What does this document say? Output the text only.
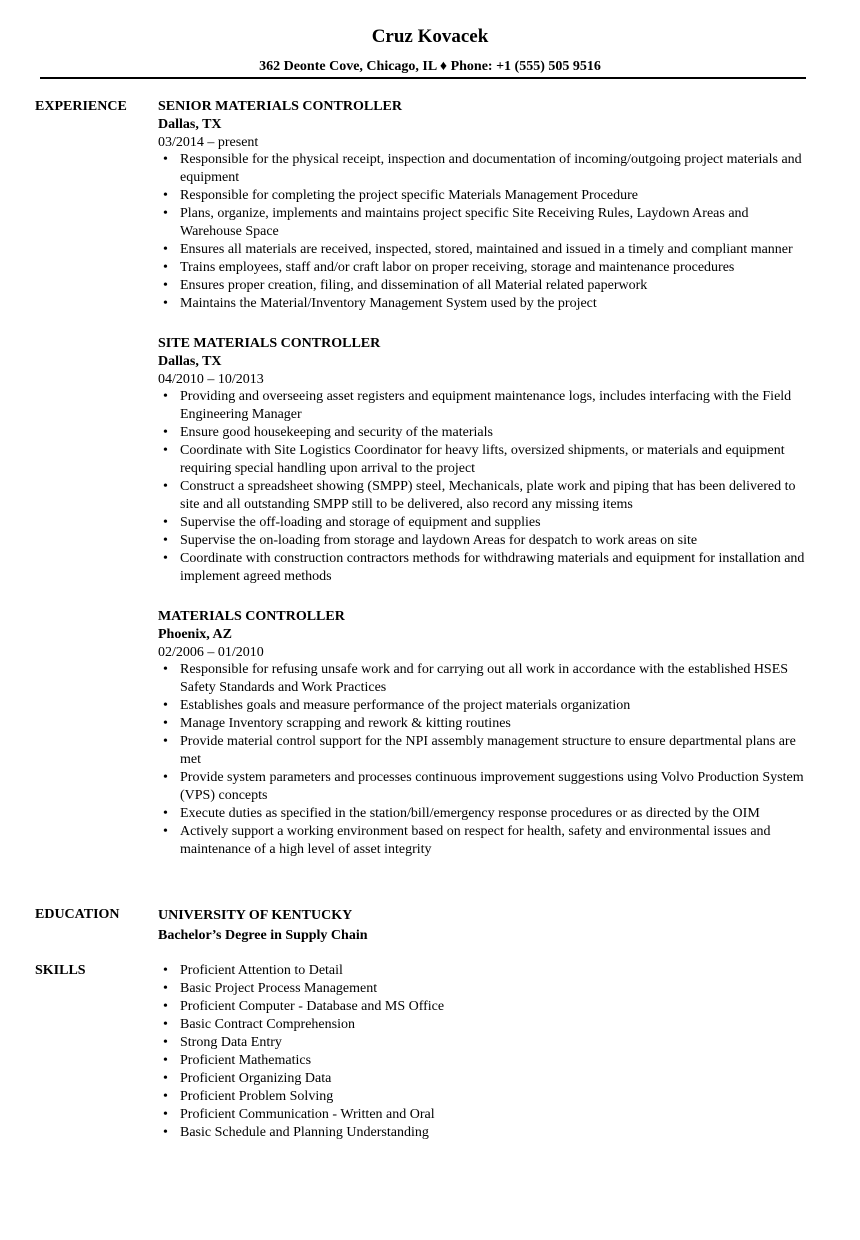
Cruz Kovacek
362 Deonte Cove, Chicago, IL ♦ Phone: +1 (555) 505 9516
EXPERIENCE SENIOR MATERIALS CONTROLLER
Dallas, TX
03/2014 – present
• Responsible for the physical receipt, inspection and documentation of incoming/outgoing project materials and equipment
• Responsible for completing the project specific Materials Management Procedure
• Plans, organize, implements and maintains project specific Site Receiving Rules, Laydown Areas and Warehouse Space
• Ensures all materials are received, inspected, stored, maintained and issued in a timely and compliant manner
• Trains employees, staff and/or craft labor on proper receiving, storage and maintenance procedures
• Ensures proper creation, filing, and dissemination of all Material related paperwork
• Maintains the Material/Inventory Management System used by the project
SITE MATERIALS CONTROLLER
Dallas, TX
04/2010 – 10/2013
• Providing and overseeing asset registers and equipment maintenance logs, includes interfacing with the Field Engineering Manager
• Ensure good housekeeping and security of the materials
• Coordinate with Site Logistics Coordinator for heavy lifts, oversized shipments, or materials and equipment requiring special handling upon arrival to the project
• Construct a spreadsheet showing (SMPP) steel, Mechanicals, plate work and piping that has been delivered to site and all outstanding SMPP still to be delivered, also record any missing items
• Supervise the off-loading and storage of equipment and supplies
• Supervise the on-loading from storage and laydown Areas for despatch to work areas on site
• Coordinate with construction contractors methods for withdrawing materials and equipment for installation and implement agreed methods
MATERIALS CONTROLLER
Phoenix, AZ
02/2006 – 01/2010
• Responsible for refusing unsafe work and for carrying out all work in accordance with the established HSES Safety Standards and Work Practices
• Establishes goals and measure performance of the project materials organization
• Manage Inventory scrapping and rework & kitting routines
• Provide material control support for the NPI assembly management structure to ensure departmental plans are met
• Provide system parameters and processes continuous improvement suggestions using Volvo Production System (VPS) concepts
• Execute duties as specified in the station/bill/emergency response procedures or as directed by the OIM
• Actively support a working environment based on respect for health, safety and environmental issues and maintenance of a high level of asset integrity
EDUCATION	UNIVERSITY OF KENTUCKY
Bachelor’s Degree in Supply Chain
SKILLS
•	Proficient Attention to Detail
• Basic Project Process Management
• Proficient Computer - Database and MS Office
• Basic Contract Comprehension
• Strong Data Entry
• Proficient Mathematics
• Proficient Organizing Data
• Proficient Problem Solving
• Proficient Communication - Written and Oral
• Basic Schedule and Planning Understanding
